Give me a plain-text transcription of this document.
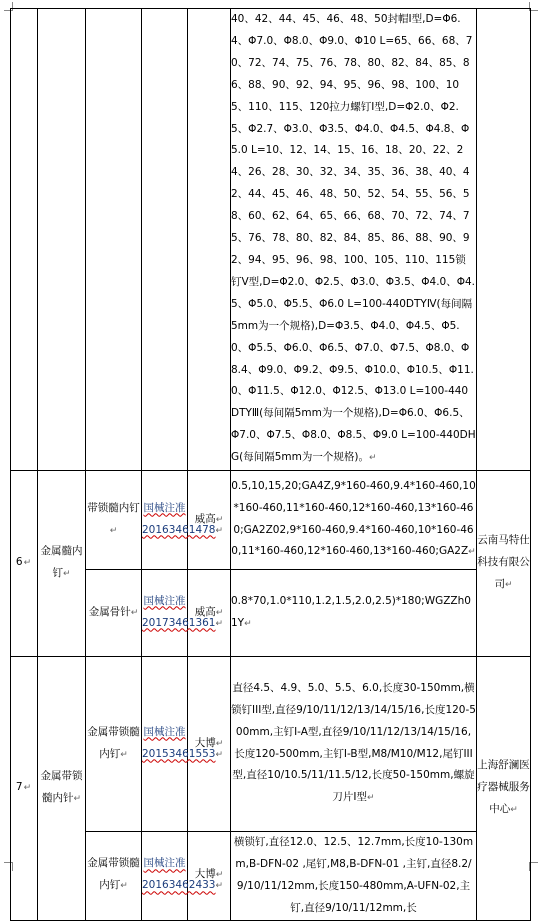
					40、42、44、45、46、48、50封帽Ⅰ型,D=Φ6.4、Φ7.0、Φ8.0、Φ9.0、Φ10 L=65、66、68、70、72、74、75、76、78、80、82、84、85、86、88、90、92、94、95、96、98、100、105、110、115、120拉力螺钉Ⅰ型,D=Φ2.0、Φ2.5、Φ2.7、Φ3.0、Φ3.5、Φ4.0、Φ4.5、Φ4.8、Φ5.0 L=10、12、14、15、16、18、20、22、24、26、28、30、32、34、35、36、38、40、42、44、45、46、48、50、52、54、55、56、58、60、62、64、65、66、68、70、72、74、75、76、78、80、82、84、85、86、88、90、92、94、95、96、98、100、105、110、115锁钉Ⅴ型,D=Φ2.0、Φ2.5、Φ3.0、Φ3.5、Φ4.0、Φ4.5、Φ5.0、Φ5.5、Φ6.0 L=100-440DTYⅣ(每间隔5mm为一个规格),D=Φ3.5、Φ4.0、Φ4.5、Φ5.0、Φ5.5、Φ6.0、Φ6.5、Φ7.0、Φ7.5、Φ8.0、Φ8.4、Φ9.0、Φ9.2、Φ9.5、Φ10.0、Φ10.5、Φ11.0、Φ11.5、Φ12.0、Φ12.5、Φ13.0 L=100-440DTYⅢ(每间隔5mm为一个规格),D=Φ6.0、Φ6.5、Φ7.0、Φ7.5、Φ8.0、Φ8.5、Φ9.0 L=100-440DHG(每间隔5mm为一个规格)。↵	
6↵	金属髓内钉↵	带锁髓内钉↵	国械注准20163461478↵	威高↵	0.5,10,15,20;GA4Z,9*160-460,9.4*160-460,10*160-460,11*160-460,12*160-460,13*160-460;GA2Z02,9*160-460,9.4*160-460,10*160-460,11*160-460,12*160-460,13*160-460;GA2Z↵	云南马特仕科技有限公司↵
		金属骨针↵	国械注准20173461361↵	威高↵	0.8*70,1.0*110,1.2,1.5,2.0,2.5)*180;WGZZh01Y↵	
7↵	金属带锁髓内针↵	金属带锁髓内钉↵	国械注准20153461553↵	大博↵	直径4.5、4.9、5.0、5.5、6.0,长度30-150mm,横锁钉III型,直径9/10/11/12/13/14/15/16,长度120-500mm,主钉I-A型,直径9/10/11/12/13/14/15/16,长度120-500mm,主钉I-B型,M8/M10/M12,尾钉III型,直径10/10.5/11/11.5/12,长度50-150mm,螺旋刀片I型↵	上海舒澜医疗器械服务中心↵
		金属带锁髓内钉↵	国械注准20163462433↵	大博↵	横锁钉,直径12.0、12.5、12.7mm,长度10-130mm,B-DFN-02 ,尾钉,M8,B-DFN-01 ,主钉,直径8.2/9/10/11/12mm,长度150-480mm,A-UFN-02,主钉,直径9/10/11/12mm,长	
